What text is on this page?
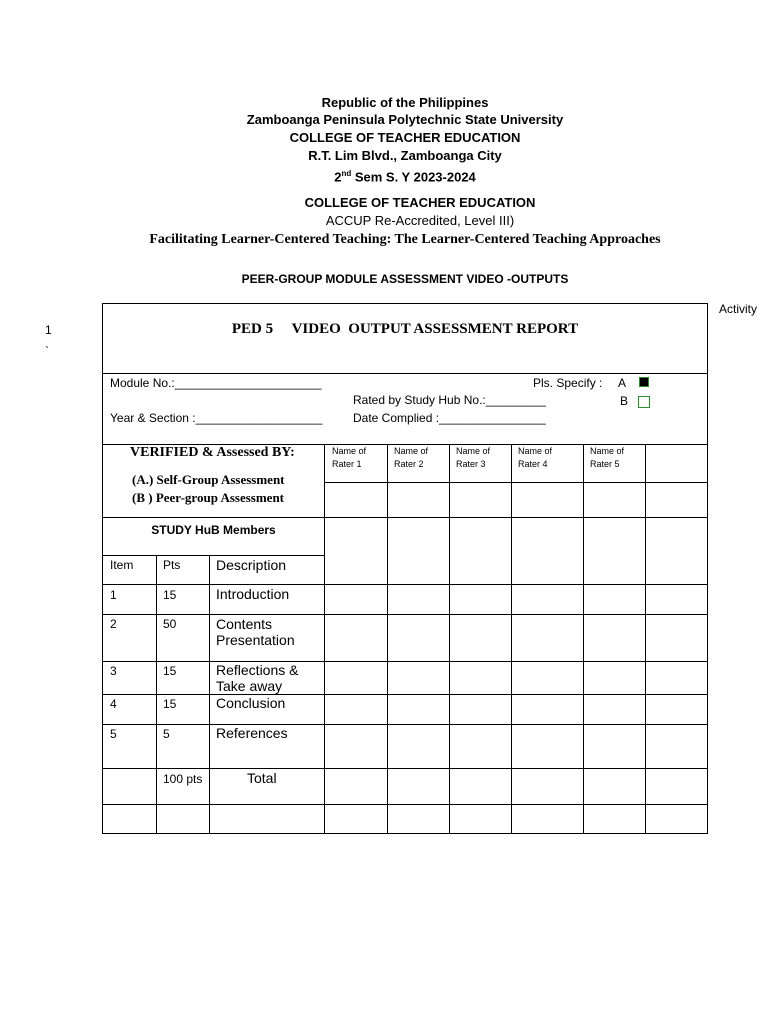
Republic of the Philippines
Zamboanga Peninsula Polytechnic State University
COLLEGE OF TEACHER EDUCATION
R.T. Lim Blvd., Zamboanga City
2nd Sem S. Y 2023-2024
COLLEGE OF TEACHER EDUCATION
ACCUP Re-Accredited, Level III)
Facilitating Learner-Centered Teaching: The Learner-Centered Teaching Approaches
PEER-GROUP MODULE ASSESSMENT VIDEO -OUTPUTS
Activity
1
`
PED 5     VIDEO  OUTPUT ASSESSMENT REPORT
Module No.:______________________	Pls. Specify : A
Rated by Study Hub No.:_________	B
Year & Section :___________________	Date Complied :________________
VERIFIED & Assessed BY:
(A.) Self-Group Assessment
(B ) Peer-group Assessment
Name of Rater 1
Name of Rater 2
Name of Rater 3
Name of Rater 4
Name of Rater 5
STUDY HuB Members
Item Pts	Description
1	15	Introduction
2	50	Contents Presentation
3	15	Reflections & Take away
4	15	Conclusion
5	5	References
100 pts	Total
